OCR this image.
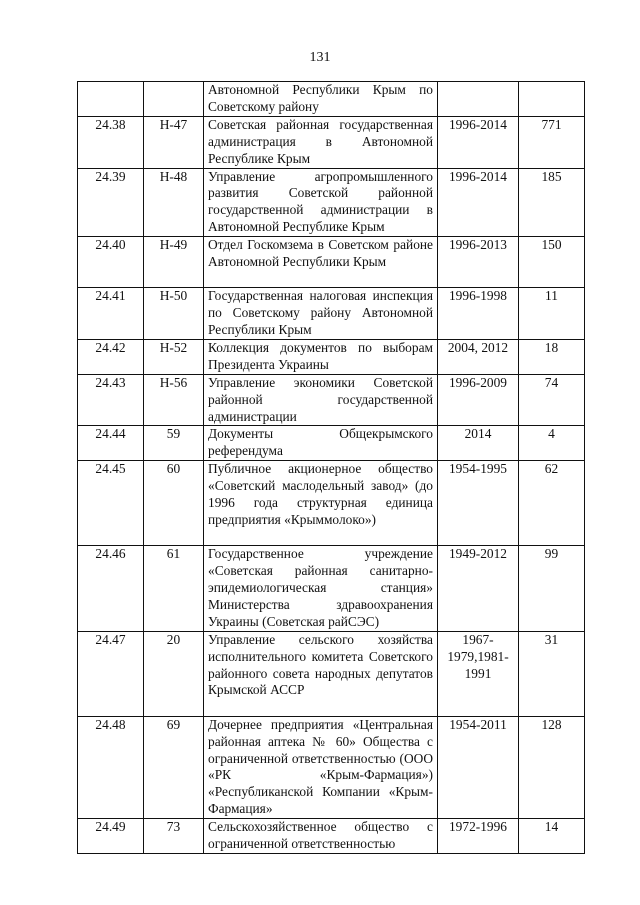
131
		Автономной Республики Крым по Советскому району		
24.38	Н-47	Советская районная государственная администрация в Автономной Республике Крым	1996-2014	771
24.39	Н-48	Управление агропромышленного развития Советской районной государственной администрации в Автономной Республике Крым	1996-2014	185
24.40	Н-49	Отдел Госкомзема в Советском районе Автономной Республики Крым	1996-2013	150
24.41	Н-50	Государственная налоговая инспекция по Советскому району Автономной Республики Крым	1996-1998	11
24.42	Н-52	Коллекция документов по выборам Президента Украины	2004, 2012	18
24.43	Н-56	Управление экономики Советской районной государственной администрации	1996-2009	74
24.44	59	Документы Общекрымского референдума	2014	4
24.45	60	Публичное акционерное общество «Советский маслодельный завод» (до 1996 года структурная единица предприятия «Крыммолоко»)	1954-1995	62
24.46	61	Государственное учреждение «Советская районная санитарно-эпидемиологическая станция» Министерства здравоохранения Украины (Советская райСЭС)	1949-2012	99
24.47	20	Управление сельского хозяйства исполнительного комитета Советского районного совета народных депутатов Крымской АССР	1967-1979,1981-1991	31
24.48	69	Дочернее предприятия «Центральная районная аптека № 60» Общества с ограниченной ответственностью (ООО «РК «Крым-Фармация») «Республиканской Компании «Крым-Фармация»	1954-2011	128
24.49	73	Сельскохозяйственное общество с ограниченной ответственностью	1972-1996	14
